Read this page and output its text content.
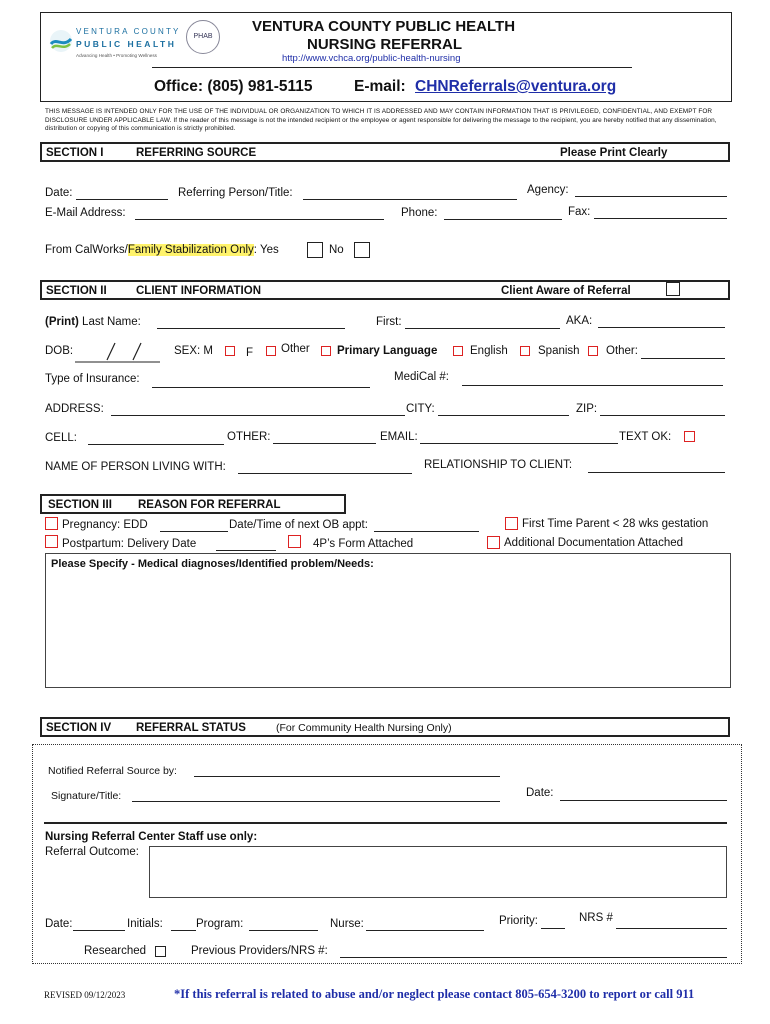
VENTURA COUNTY
PUBLIC HEALTH
Advancing Health • Promoting Wellness
PHAB
VENTURA COUNTY PUBLIC HEALTH
NURSING REFERRAL
http://www.vchca.org/public-health-nursing
Office: (805) 981-5115	E-mail: CHNReferrals@ventura.org
THIS MESSAGE IS INTENDED ONLY FOR THE USE OF THE INDIVIDUAL OR ORGANIZATION TO WHICH IT IS ADDRESSED AND MAY CONTAIN INFORMATION THAT IS PRIVILEGED, CONFIDENTIAL, AND EXEMPT FOR DISCLOSURE UNDER APPLICABLE LAW. If the reader of this message is not the intended recipient or the employee or agent responsible for delivering the message to the recipient, you are hereby notified that any dissemination, distribution or copying of this communication is strictly prohibited.
SECTION I	REFERRING SOURCE	Please Print Clearly
Date:	Referring Person/Title:	Agency:
E-Mail Address:	Phone:	Fax:
From CalWorks/Family Stabilization Only: Yes	No
SECTION II	CLIENT INFORMATION	Client Aware of Referral
(Print) Last Name:	First:	AKA:
DOB:	SEX: M	F Other Primary Language	English	Spanish Other:
Type of Insurance:	MediCal #:
ADDRESS:	CITY:	ZIP:
CELL:	OTHER:	EMAIL:	TEXT OK:
NAME OF PERSON LIVING WITH:	RELATIONSHIP TO CLIENT:
SECTION III REASON FOR REFERRAL
Pregnancy: EDD	Date/Time of next OB appt:	First Time Parent < 28 wks gestation
Postpartum: Delivery Date	4P’s Form Attached	Additional Documentation Attached
Please Specify - Medical diagnoses/Identified problem/Needs:
SECTION IV REFERRAL STATUS	(For Community Health Nursing Only)
Notified Referral Source by:
Signature/Title:	Date:
Nursing Referral Center Staff use only:
Referral Outcome:
Date:	Initials:	Program:	Nurse:	Priority:	NRS #
Researched	Previous Providers/NRS #:
REVISED 09/12/2023	*If this referral is related to abuse and/or neglect please contact 805-654-3200 to report or call 911
